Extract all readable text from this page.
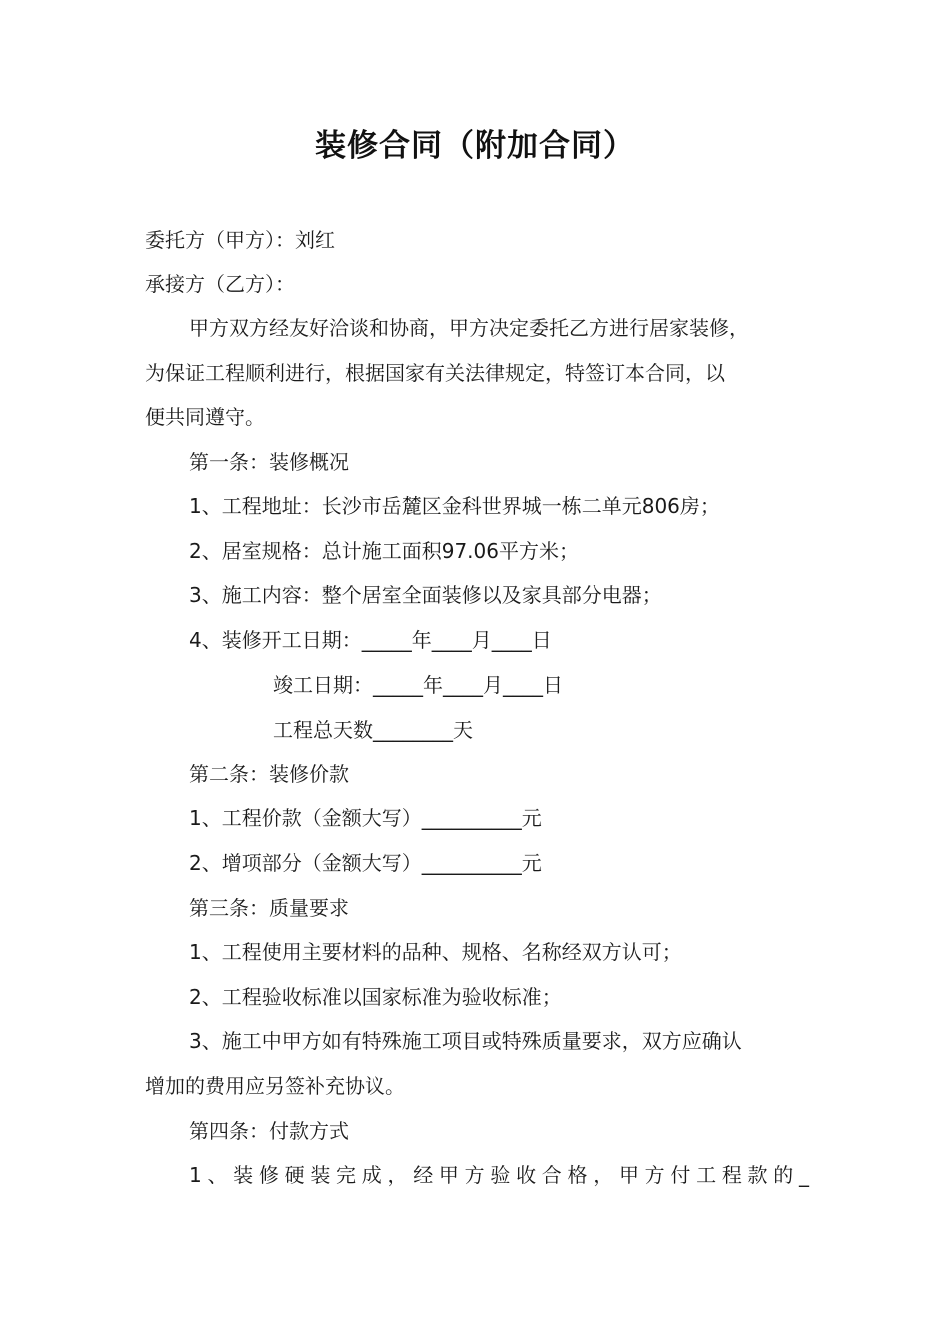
装修合同（附加合同）
委托方（甲方）：刘红
承接方（乙方）：
甲方双方经友好洽谈和协商，甲方决定委托乙方进行居家装修，
为保证工程顺利进行，根据国家有关法律规定，特签订本合同，以
便共同遵守。
第一条：装修概况
1、工程地址：长沙市岳麓区金科世界城一栋二单元806房；
2、居室规格：总计施工面积97.06平方米；
3、施工内容：整个居室全面装修以及家具部分电器；
4、装修开工日期：_____年____月____日
竣工日期：_____年____月____日
工程总天数________天
第二条：装修价款
1、工程价款（金额大写）__________元
2、增项部分（金额大写）__________元
第三条：质量要求
1、工程使用主要材料的品种、规格、名称经双方认可；
2、工程验收标准以国家标准为验收标准；
3、施工中甲方如有特殊施工项目或特殊质量要求，双方应确认
增加的费用应另签补充协议。
第四条：付款方式
1、装修硬装完成，经甲方验收合格，甲方付工程款的_
